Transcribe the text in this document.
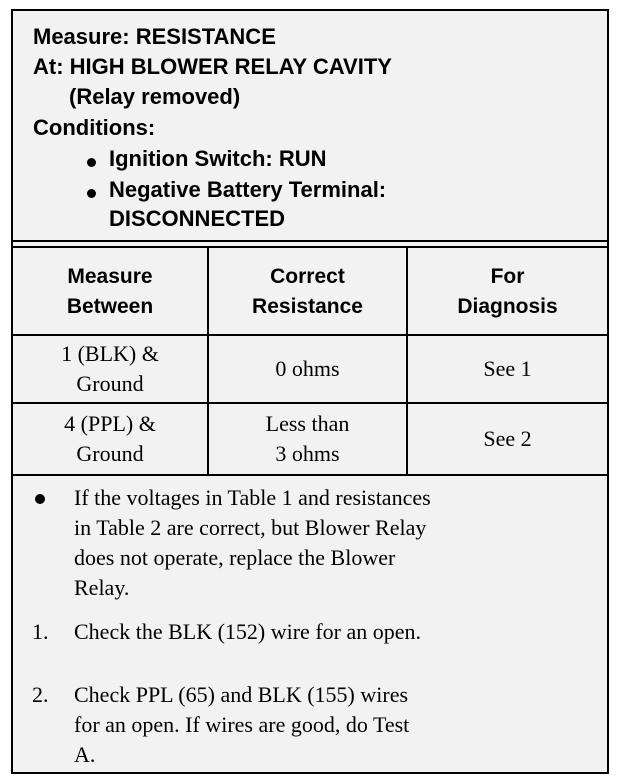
Measure: RESISTANCE
At: HIGH BLOWER RELAY CAVITY
(Relay removed)
Conditions:
Ignition Switch: RUN
Negative Battery Terminal:
DISCONNECTED
Measure
Between
Correct
Resistance
For
Diagnosis
1 (BLK) &
Ground
0 ohms	See 1
4 (PPL) &
Ground
Less than
3 ohms
See 2
If the voltages in Table 1 and resistances
in Table 2 are correct, but Blower Relay
does not operate, replace the Blower
Relay.
1. Check the BLK (152) wire for an open.
2. Check PPL (65) and BLK (155) wires
for an open. If wires are good, do Test
A.
